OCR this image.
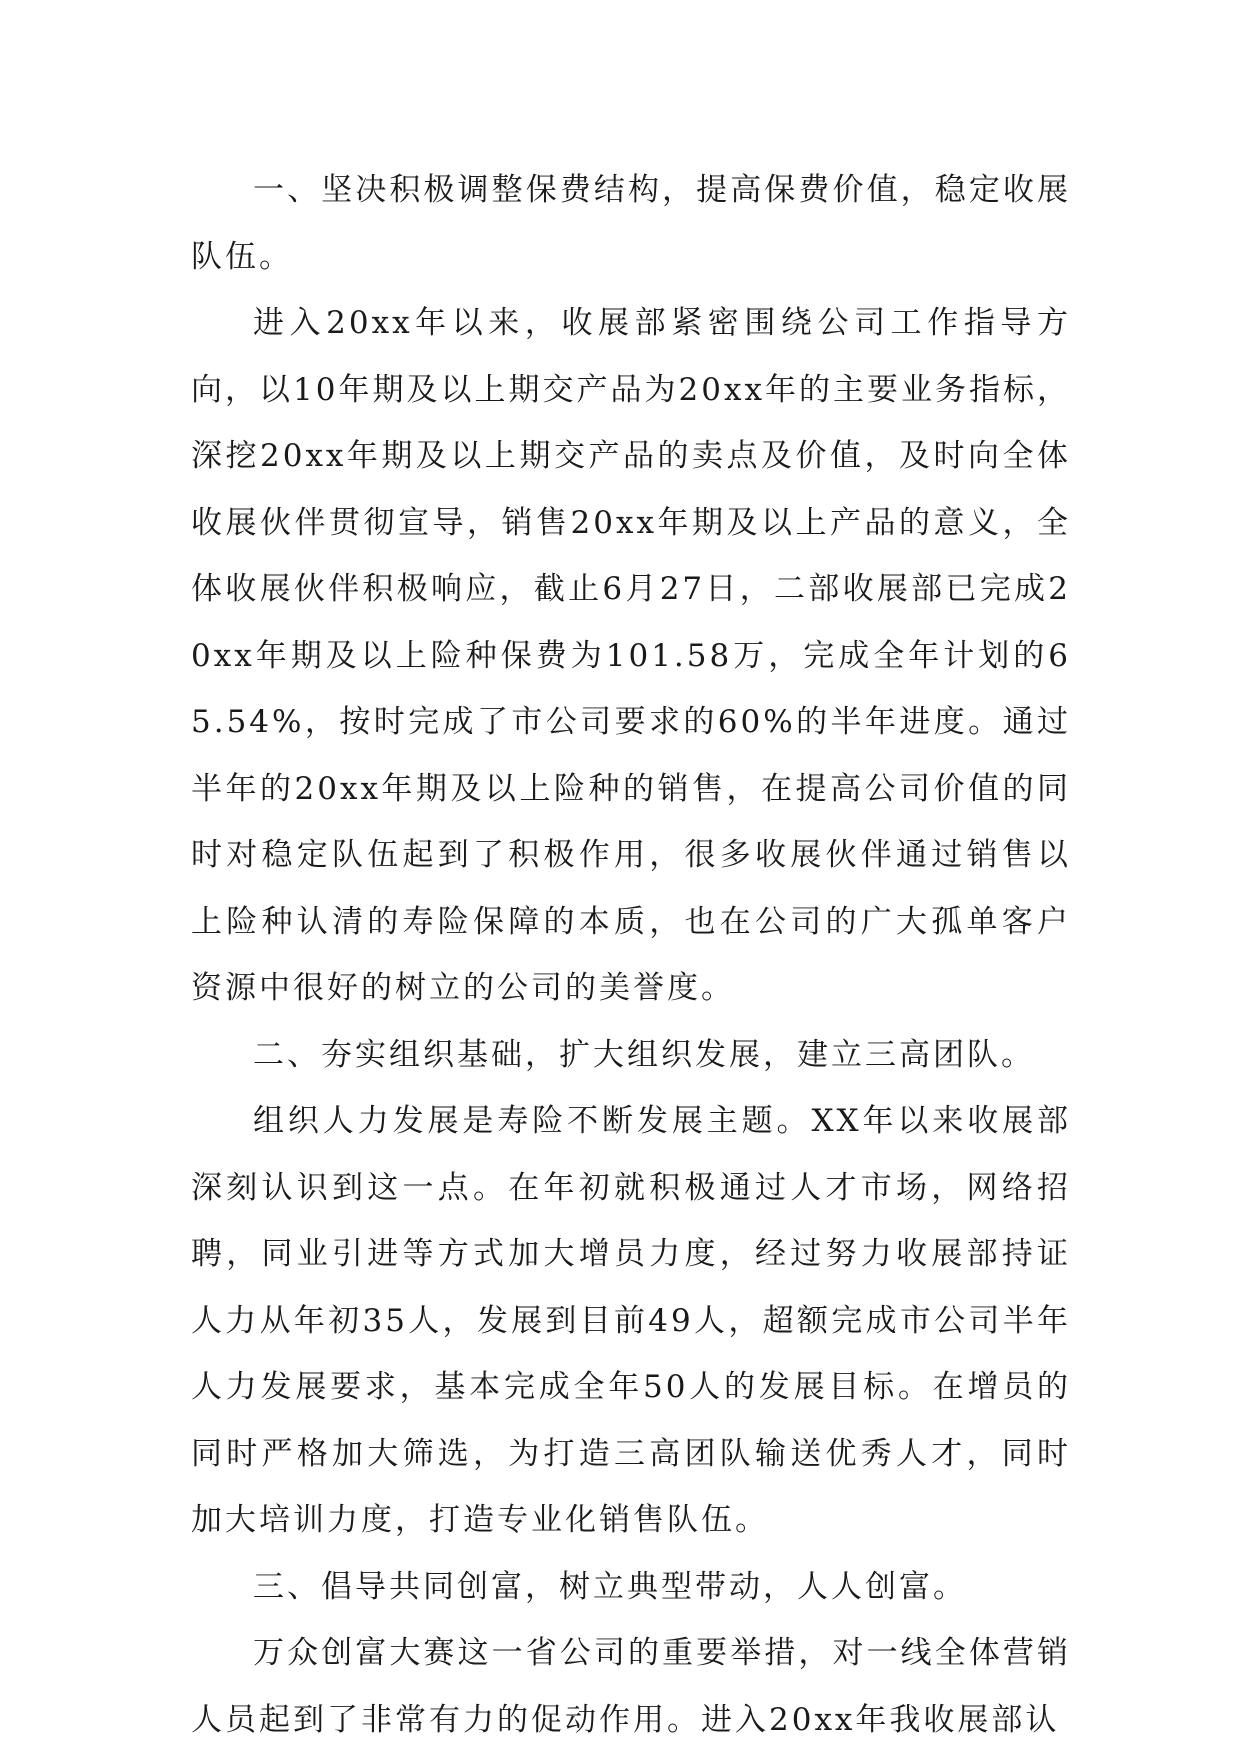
一、坚决积极调整保费结构，提高保费价值，稳定收展队伍。

进入20xx年以来，收展部紧密围绕公司工作指导方向，以10年期及以上期交产品为20xx年的主要业务指标，深挖20xx年期及以上期交产品的卖点及价值，及时向全体收展伙伴贯彻宣导，销售20xx年期及以上产品的意义，全体收展伙伴积极响应，截止6月27日，二部收展部已完成20xx年期及以上险种保费为101.58万，完成全年计划的65.54%，按时完成了市公司要求的60%的半年进度。通过半年的20xx年期及以上险种的销售，在提高公司价值的同时对稳定队伍起到了积极作用，很多收展伙伴通过销售以上险种认清的寿险保障的本质，也在公司的广大孤单客户资源中很好的树立的公司的美誉度。

二、夯实组织基础，扩大组织发展，建立三高团队。

组织人力发展是寿险不断发展主题。XX年以来收展部深刻认识到这一点。在年初就积极通过人才市场，网络招聘，同业引进等方式加大增员力度，经过努力收展部持证人力从年初35人，发展到目前49人，超额完成市公司半年人力发展要求，基本完成全年50人的发展目标。在增员的同时严格加大筛选，为打造三高团队输送优秀人才，同时加大培训力度，打造专业化销售队伍。

三、倡导共同创富，树立典型带动，人人创富。

万众创富大赛这一省公司的重要举措，对一线全体营销人员起到了非常有力的促动作用。进入20xx年我收展部认
